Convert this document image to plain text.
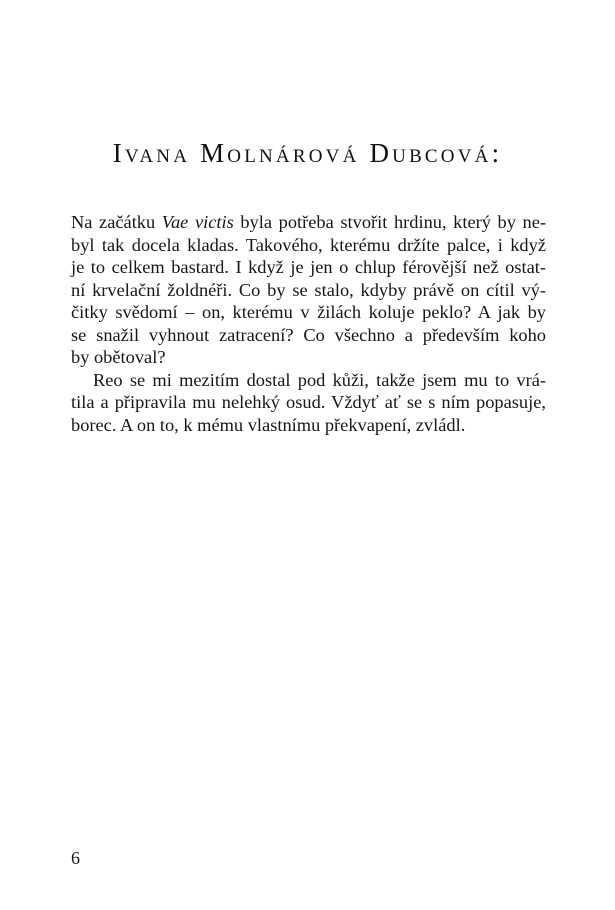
Ivana Molnárová Dubcová:
Na začátku Vae victis byla potřeba stvořit hrdinu, který by ne-
byl tak docela kladas. Takového, kterému držíte palce, i když
je to celkem bastard. I když je jen o chlup férovější než ostat-
ní krvelační žoldnéři. Co by se stalo, kdyby právě on cítil vý-
čitky svědomí – on, kterému v žilách koluje peklo? A jak by
se snažil vyhnout zatracení? Co všechno a především koho
by obětoval?
Reo se mi mezitím dostal pod kůži, takže jsem mu to vrá-
tila a připravila mu nelehký osud. Vždyť ať se s ním popasuje,
borec. A on to, k mému vlastnímu překvapení, zvládl.
6
